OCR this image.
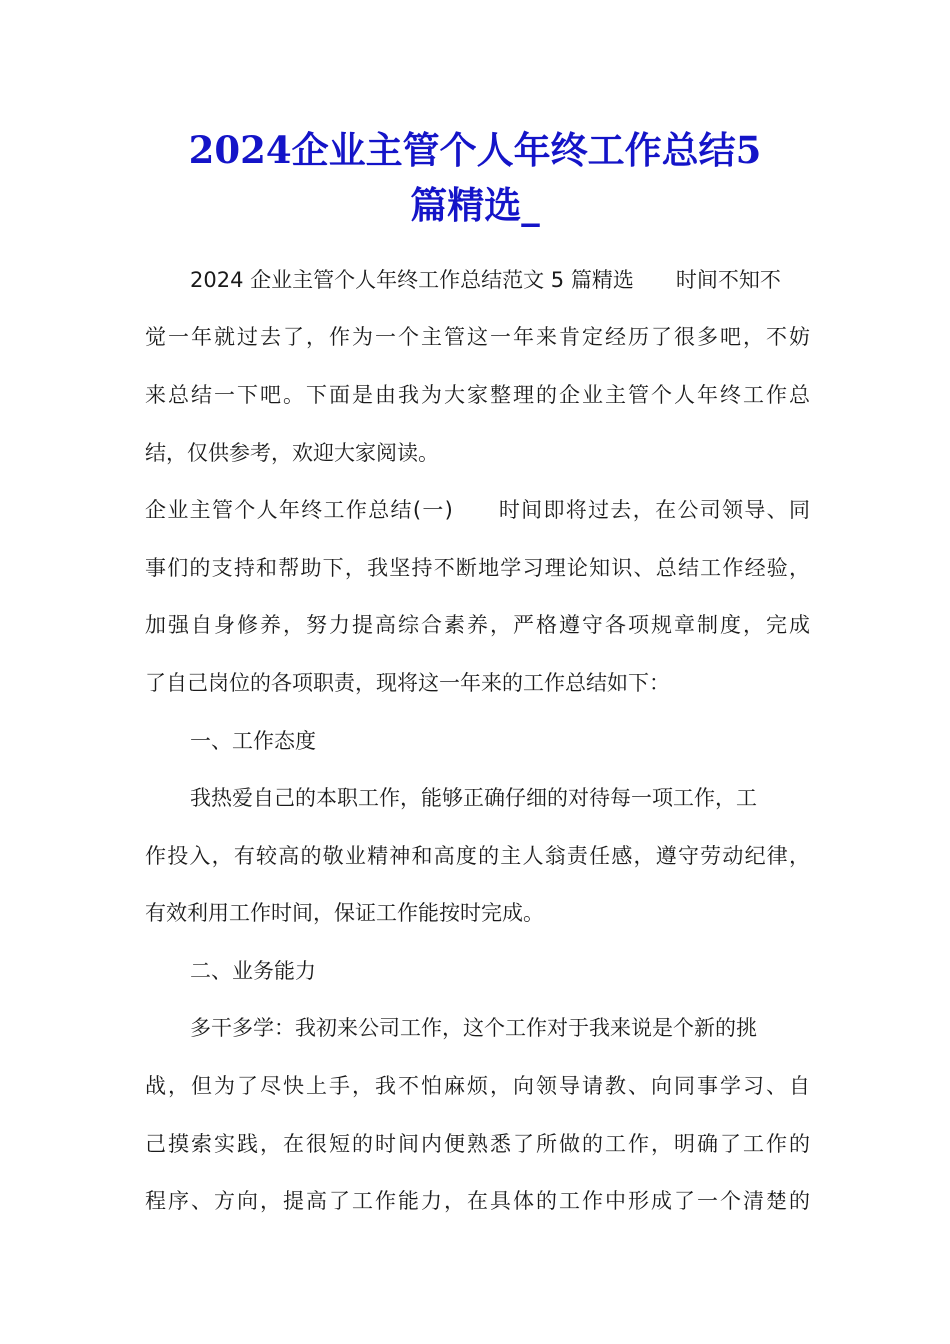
2024企业主管个人年终工作总结5
篇精选_
2024 企业主管个人年终工作总结范文 5 篇精选　　时间不知不
觉一年就过去了，作为一个主管这一年来肯定经历了很多吧，不妨
来总结一下吧。下面是由我为大家整理的企业主管个人年终工作总
结，仅供参考，欢迎大家阅读。
企业主管个人年终工作总结(一)　　时间即将过去，在公司领导、同
事们的支持和帮助下，我坚持不断地学习理论知识、总结工作经验，
加强自身修养，努力提高综合素养，严格遵守各项规章制度，完成
了自己岗位的各项职责，现将这一年来的工作总结如下：
一、工作态度
我热爱自己的本职工作，能够正确仔细的对待每一项工作，工
作投入，有较高的敬业精神和高度的主人翁责任感，遵守劳动纪律，
有效利用工作时间，保证工作能按时完成。
二、业务能力
多干多学：我初来公司工作，这个工作对于我来说是个新的挑
战，但为了尽快上手，我不怕麻烦，向领导请教、向同事学习、自
己摸索实践，在很短的时间内便熟悉了所做的工作，明确了工作的
程序、方向，提高了工作能力，在具体的工作中形成了一个清楚的
